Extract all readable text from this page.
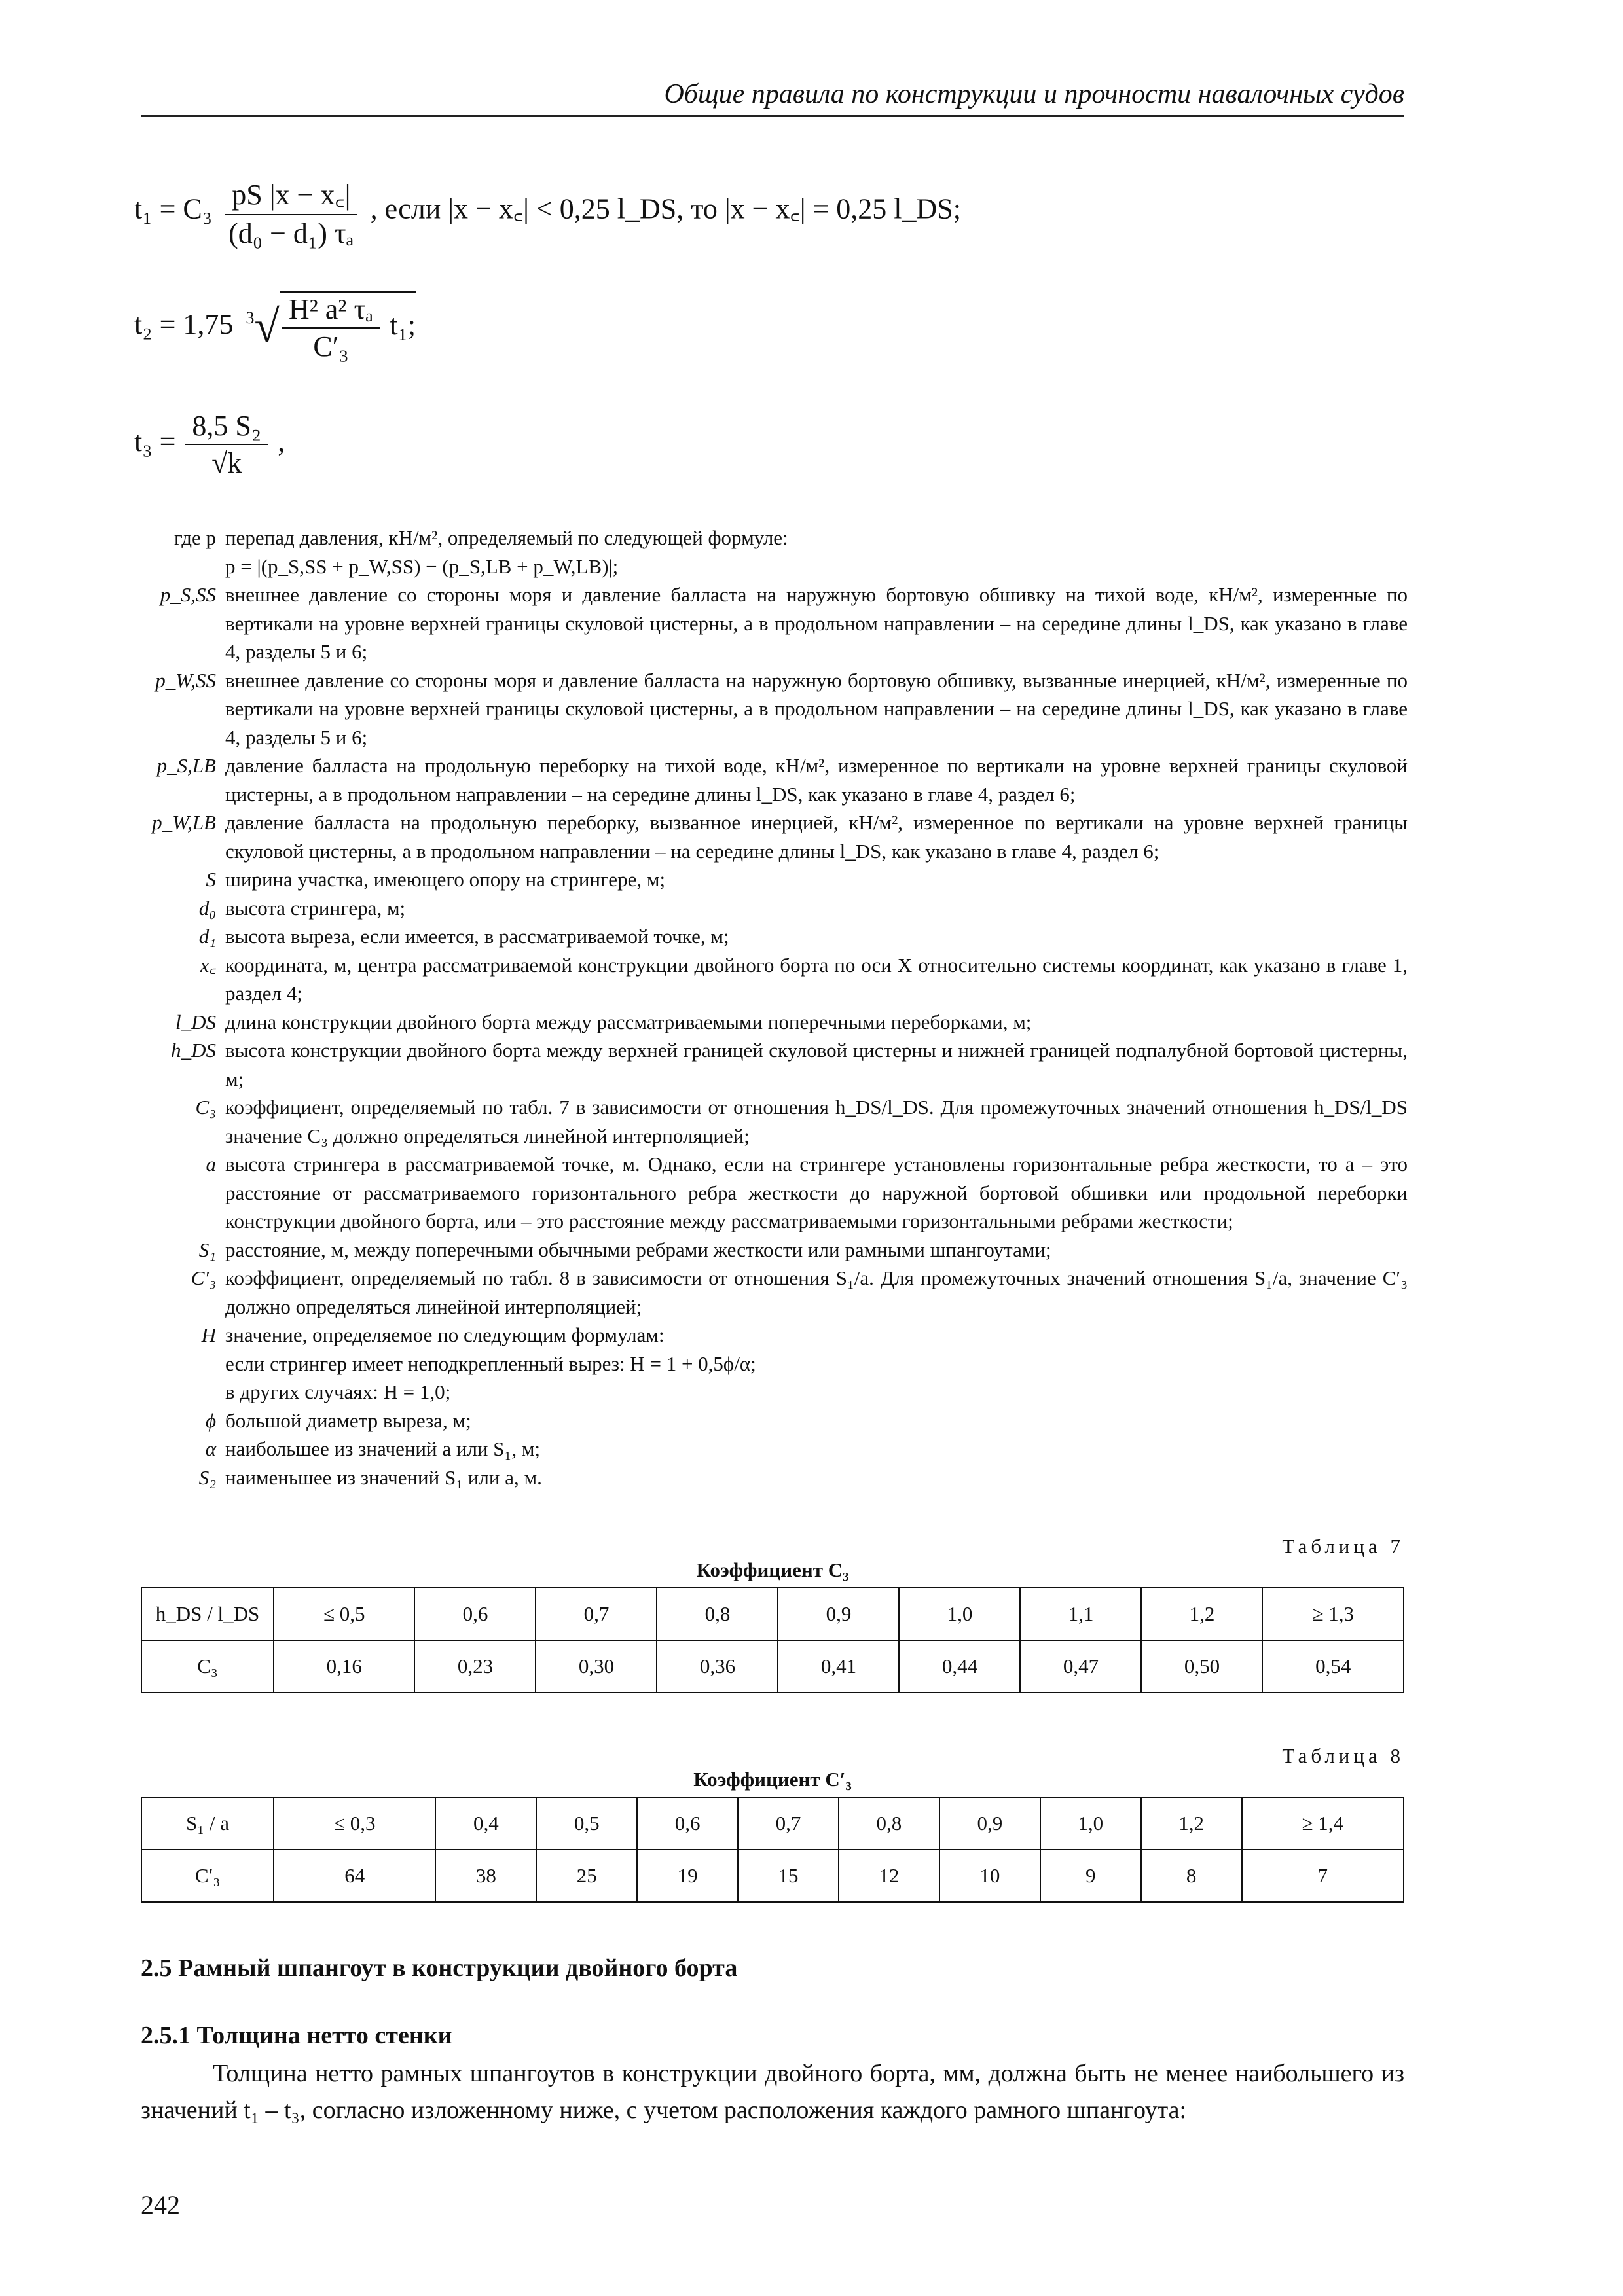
Общие правила по конструкции и прочности навалочных судов
$t_1 = C_3 \frac{pS |x - x꜀|}{\text{(d₀ − d₁) τₐ}}$ , если |x − x꜀| < 0,25 l_DS, то |x − x꜀| = 0,25 l_DS;
t₂ = 1,75 $^3√ \frac{\text{H² a² τₐ}}{\text{C′₃}} t_1$;
$t_3 = \frac{\text{8,5 S₂}}{√k}$ ,
где p перепад давления, кН/м², определяемый по следующей формуле:
p = |(p_S,SS + p_W,SS) − (p_S,LB + p_W,LB)|;
p_S,SS внешнее давление со стороны моря и давление балласта на наружную бортовую обшивку на тихой воде, кН/м², измеренные по вертикали на уровне верхней границы скуловой цистерны, а в продольном направлении – на середине длины l_DS, как указано в главе 4, разделы 5 и 6;
p_W,SS внешнее давление со стороны моря и давление балласта на наружную бортовую обшивку, вызванные инерцией, кН/м², измеренные по вертикали на уровне верхней границы скуловой цистерны, а в продольном направлении – на середине длины l_DS, как указано в главе 4, разделы 5 и 6;
p_S,LB давление балласта на продольную переборку на тихой воде, кН/м², измеренное по вертикали на уровне верхней границы скуловой цистерны, а в продольном направлении – на середине длины l_DS, как указано в главе 4, раздел 6;
p_W,LB давление балласта на продольную переборку, вызванное инерцией, кН/м², измеренное по вертикали на уровне верхней границы скуловой цистерны, а в продольном направлении – на середине длины l_DS, как указано в главе 4, раздел 6;
S ширина участка, имеющего опору на стрингере, м;
d₀ высота стрингера, м;
d₁ высота выреза, если имеется, в рассматриваемой точке, м;
x꜀ координата, м, центра рассматриваемой конструкции двойного борта по оси X относительно системы координат, как указано в главе 1, раздел 4;
l_DS длина конструкции двойного борта между рассматриваемыми поперечными переборками, м;
h_DS высота конструкции двойного борта между верхней границей скуловой цистерны и нижней границей подпалубной бортовой цистерны, м;
C₃ коэффициент, определяемый по табл. 7 в зависимости от отношения h_DS/l_DS. Для промежуточных значений отношения h_DS/l_DS значение C₃ должно определяться линейной интерполяцией;
a высота стрингера в рассматриваемой точке, м. Однако, если на стрингере установлены горизонтальные ребра жесткости, то a – это расстояние от рассматриваемого горизонтального ребра жесткости до наружной бортовой обшивки или продольной переборки конструкции двойного борта, или – это расстояние между рассматриваемыми горизонтальными ребрами жесткости;
S₁ расстояние, м, между поперечными обычными ребрами жесткости или рамными шпангоутами;
C′₃ коэффициент, определяемый по табл. 8 в зависимости от отношения S₁/a. Для промежуточных значений отношения S₁/a, значение C′₃ должно определяться линейной интерполяцией;
H значение, определяемое по следующим формулам:
если стрингер имеет неподкрепленный вырез: H = 1 + 0,5ϕ/α;
в других случаях: H = 1,0;
ϕ большой диаметр выреза, м;
α наибольшее из значений a или S₁, м;
S₂ наименьшее из значений S₁ или a, м.
Таблица 7
Коэффициент C₃
h_DS / l_DS	≤ 0,5	0,6	0,7	0,8	0,9	1,0	1,1	1,2	≥ 1,3
C₃	0,16	0,23	0,30	0,36	0,41	0,44	0,47	0,50	0,54
Таблица 8
Коэффициент C′₃
S₁ / a	≤ 0,3	0,4	0,5	0,6	0,7	0,8	0,9	1,0	1,2	≥ 1,4
C′₃	64	38	25	19	15	12	10	9	8	7
2.5 Рамный шпангоут в конструкции двойного борта
2.5.1 Толщина нетто стенки
Толщина нетто рамных шпангоутов в конструкции двойного борта, мм, должна быть не менее наибольшего из значений t₁ – t₃, согласно изложенному ниже, с учетом расположения каждого рамного шпангоута:
242
